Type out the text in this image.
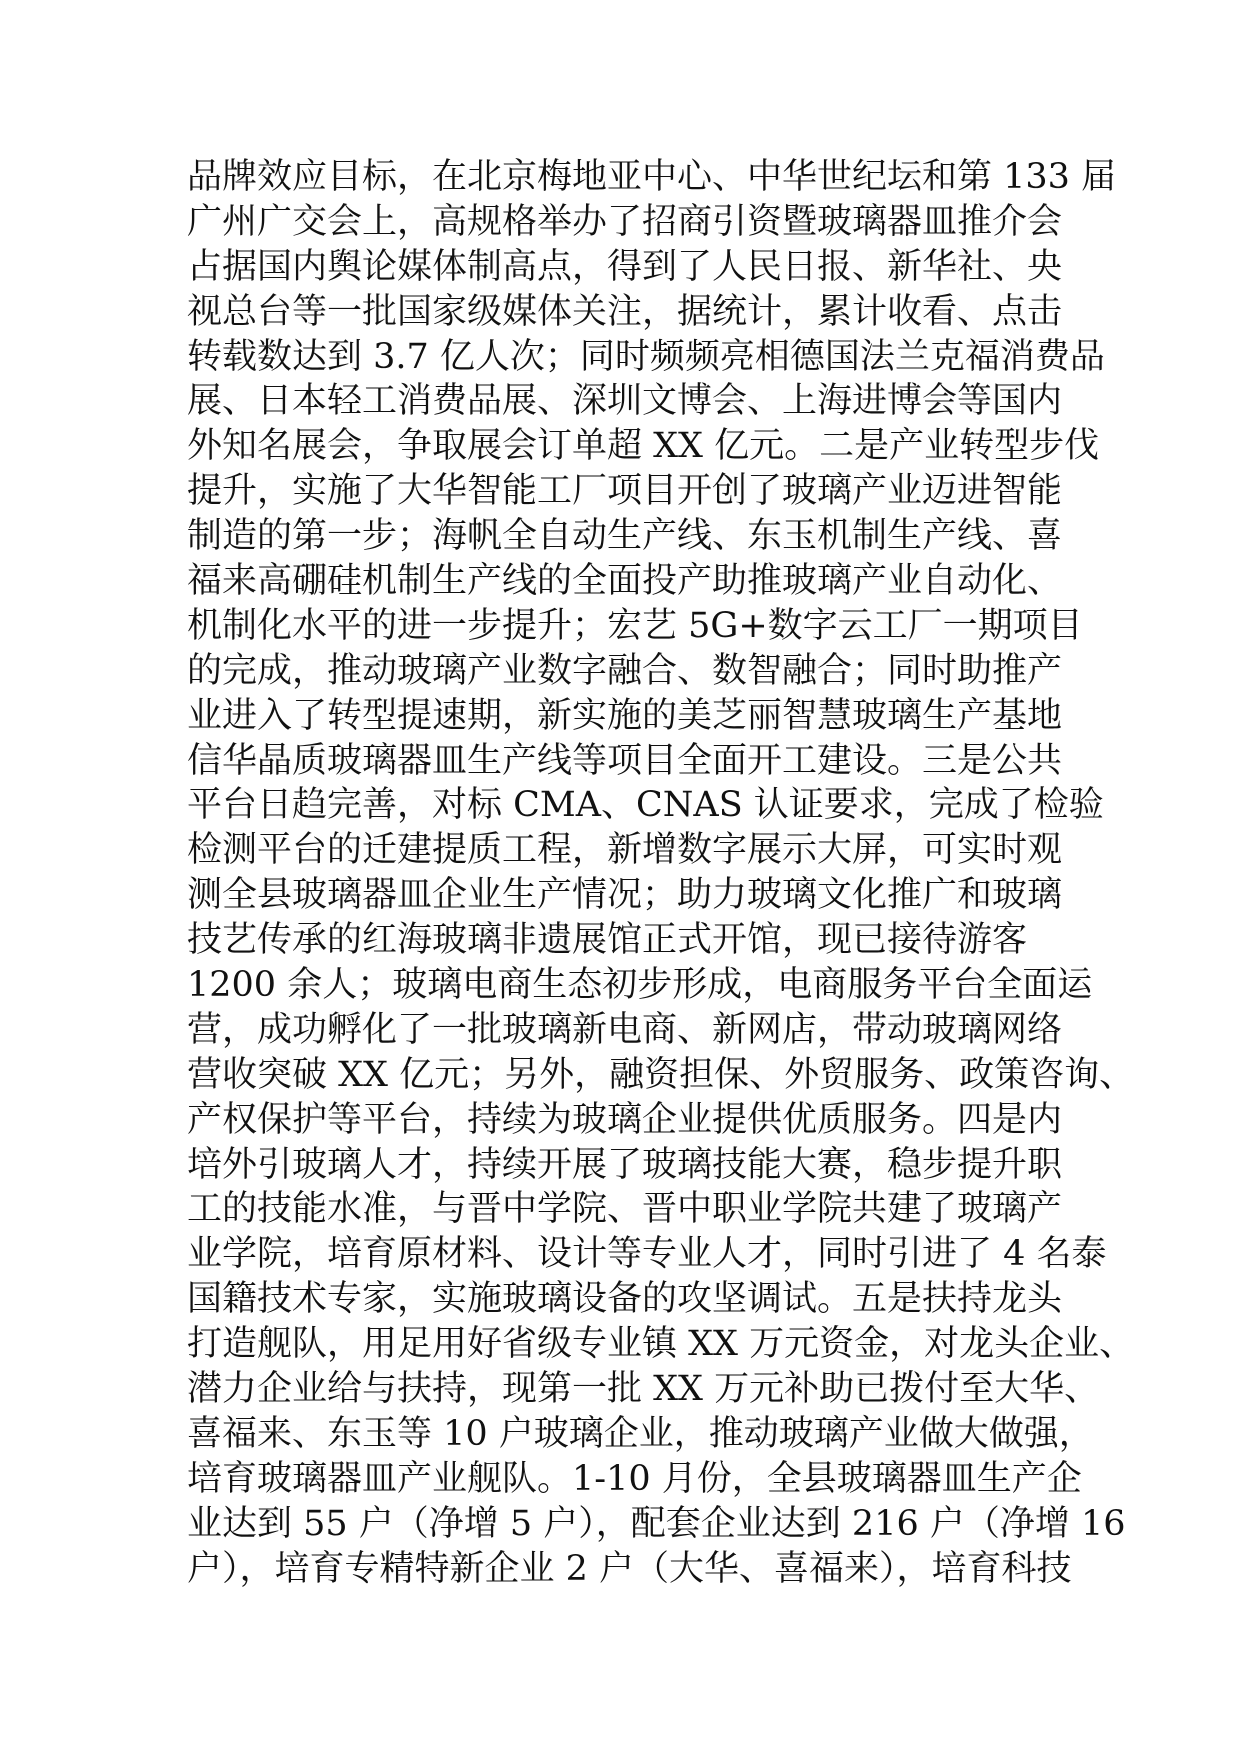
品牌效应目标，在北京梅地亚中心、中华世纪坛和第 133 届
广州广交会上，高规格举办了招商引资暨玻璃器皿推介会
占据国内舆论媒体制高点，得到了人民日报、新华社、央
视总台等一批国家级媒体关注，据统计，累计收看、点击
转载数达到 3.7 亿人次；同时频频亮相德国法兰克福消费品
展、日本轻工消费品展、深圳文博会、上海进博会等国内
外知名展会，争取展会订单超 XX 亿元。二是产业转型步伐
提升，实施了大华智能工厂项目开创了玻璃产业迈进智能
制造的第一步；海帆全自动生产线、东玉机制生产线、喜
福来高硼硅机制生产线的全面投产助推玻璃产业自动化、
机制化水平的进一步提升；宏艺 5G+数字云工厂一期项目
的完成，推动玻璃产业数字融合、数智融合；同时助推产
业进入了转型提速期，新实施的美芝丽智慧玻璃生产基地
信华晶质玻璃器皿生产线等项目全面开工建设。三是公共
平台日趋完善，对标 CMA、CNAS 认证要求，完成了检验
检测平台的迁建提质工程，新增数字展示大屏，可实时观
测全县玻璃器皿企业生产情况；助力玻璃文化推广和玻璃
技艺传承的红海玻璃非遗展馆正式开馆，现已接待游客
1200 余人；玻璃电商生态初步形成，电商服务平台全面运
营，成功孵化了一批玻璃新电商、新网店，带动玻璃网络
营收突破 XX 亿元；另外，融资担保、外贸服务、政策咨询、
产权保护等平台，持续为玻璃企业提供优质服务。四是内
培外引玻璃人才，持续开展了玻璃技能大赛，稳步提升职
工的技能水准，与晋中学院、晋中职业学院共建了玻璃产
业学院，培育原材料、设计等专业人才，同时引进了 4 名泰
国籍技术专家，实施玻璃设备的攻坚调试。五是扶持龙头
打造舰队，用足用好省级专业镇 XX 万元资金，对龙头企业、
潜力企业给与扶持，现第一批 XX 万元补助已拨付至大华、
喜福来、东玉等 10 户玻璃企业，推动玻璃产业做大做强，
培育玻璃器皿产业舰队。1-10 月份，全县玻璃器皿生产企
业达到 55 户（净增 5 户），配套企业达到 216 户（净增 16
户），培育专精特新企业 2 户（大华、喜福来），培育科技
